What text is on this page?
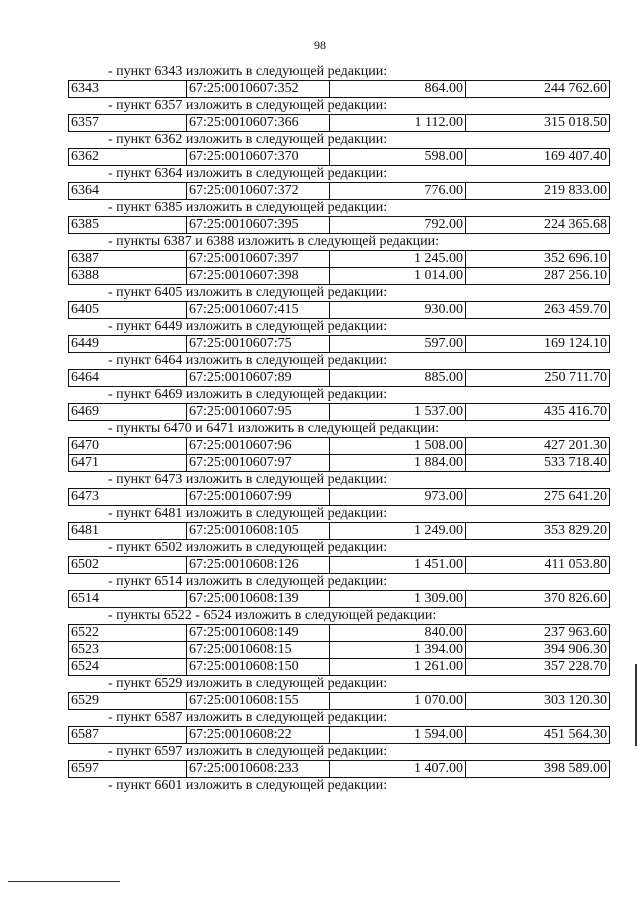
98
- пункт 6343 изложить в следующей редакции:
6343	67:25:0010607:352	864.00	244 762.60
- пункт 6357 изложить в следующей редакции:
6357	67:25:0010607:366	1 112.00	315 018.50
- пункт 6362 изложить в следующей редакции:
6362	67:25:0010607:370	598.00	169 407.40
- пункт 6364 изложить в следующей редакции:
6364	67:25:0010607:372	776.00	219 833.00
- пункт 6385 изложить в следующей редакции:
6385	67:25:0010607:395	792.00	224 365.68
- пункты 6387 и 6388 изложить в следующей редакции:
6387	67:25:0010607:397	1 245.00	352 696.10
6388	67:25:0010607:398	1 014.00	287 256.10
- пункт 6405 изложить в следующей редакции:
6405	67:25:0010607:415	930.00	263 459.70
- пункт 6449 изложить в следующей редакции:
6449	67:25:0010607:75	597.00	169 124.10
- пункт 6464 изложить в следующей редакции:
6464	67:25:0010607:89	885.00	250 711.70
- пункт 6469 изложить в следующей редакции:
6469	67:25:0010607:95	1 537.00	435 416.70
- пункты 6470 и 6471 изложить в следующей редакции:
6470	67:25:0010607:96	1 508.00	427 201.30
6471	67:25:0010607:97	1 884.00	533 718.40
- пункт 6473 изложить в следующей редакции:
6473	67:25:0010607:99	973.00	275 641.20
- пункт 6481 изложить в следующей редакции:
6481	67:25:0010608:105	1 249.00	353 829.20
- пункт 6502 изложить в следующей редакции:
6502	67:25:0010608:126	1 451.00	411 053.80
- пункт 6514 изложить в следующей редакции:
6514	67:25:0010608:139	1 309.00	370 826.60
- пункты 6522 - 6524 изложить в следующей редакции:
6522	67:25:0010608:149	840.00	237 963.60
6523	67:25:0010608:15	1 394.00	394 906.30
6524	67:25:0010608:150	1 261.00	357 228.70
- пункт 6529 изложить в следующей редакции:
6529	67:25:0010608:155	1 070.00	303 120.30
- пункт 6587 изложить в следующей редакции:
6587	67:25:0010608:22	1 594.00	451 564.30
- пункт 6597 изложить в следующей редакции:
6597	67:25:0010608:233	1 407.00	398 589.00
- пункт 6601 изложить в следующей редакции:
